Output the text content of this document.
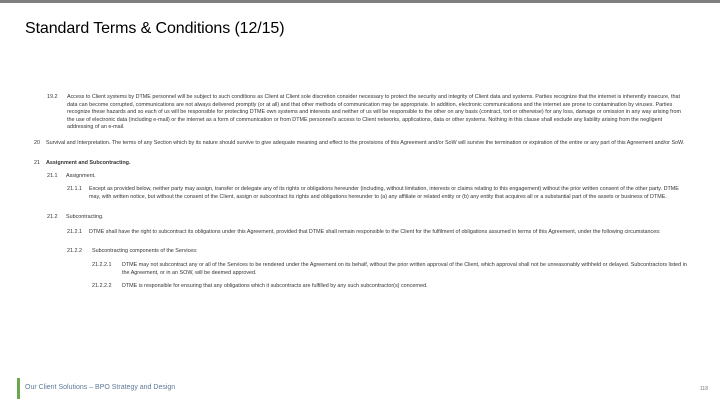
Standard Terms & Conditions (12/15)
19.2 Access to Client systems by DTME personnel will be subject to such conditions as Client at Client sole discretion consider necessary to protect the security and integrity of Client data and systems. Parties recognize that the internet is inherently insecure, that data can become corrupted, communications are not always delivered promptly (or at all) and that other methods of communication may be appropriate. In addition, electronic communications and the internet are prone to contamination by viruses. Parties recognize these hazards and so each of us will be responsible for protecting DTME own systems and interests and neither of us will be responsible to the other on any basis (contract, tort or otherwise) for any loss, damage or omission in any way arising from the use of electronic data (including e-mail) or the internet as a form of communication or from DTME personnel's access to Client networks, applications, data or other systems. Nothing in this clause shall exclude any liability arising from the negligent addressing of an e-mail.
20 Survival and Interpretation. The terms of any Section which by its nature should survive to give adequate meaning and effect to the provisions of this Agreement and/or SoW will survive the termination or expiration of the entire or any part of this Agreement and/or SoW.
21 Assignment and Subcontracting.
21.1 Assignment.
21.1.1 Except as provided below, neither party may assign, transfer or delegate any of its rights or obligations hereunder (including, without limitation, interests or claims relating to this engagement) without the prior written consent of the other party. DTME may, with written notice, but without the consent of the Client, assign or subcontract its rights and obligations hereunder to (a) any affiliate or related entity or (b) any entity that acquires all or a substantial part of the assets or business of DTME.
21.2 Subcontracting.
21.2.1 DTME shall have the right to subcontract its obligations under this Agreement, provided that DTME shall remain responsible to the Client for the fulfilment of obligations assumed in terms of this Agreement, under the following circumstances:
21.2.2 Subcontracting components of the Services:
21.2.2.1 DTME may not subcontract any or all of the Services to be rendered under the Agreement on its behalf, without the prior written approval of the Client, which approval shall not be unreasonably withheld or delayed. Subcontractors listed in the Agreement, or in an SOW, will be deemed approved.
21.2.2.2 DTME is responsible for ensuring that any obligations which it subcontracts are fulfilled by any such subcontractor(s) concerned.
Our Client Solutions – BPO Strategy and Design	118
